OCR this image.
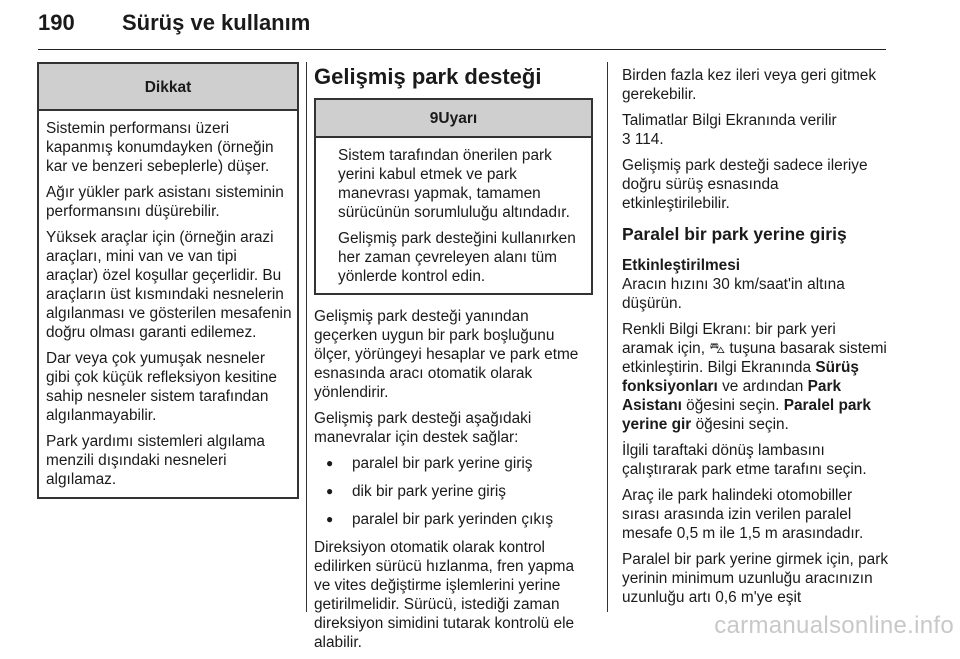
190 Sürüş ve kullanım
Dikkat

Sistemin performansı üzeri kapanmış konumdayken (örneğin kar ve benzeri sebeplerle) düşer.

Ağır yükler park asistanı sisteminin performansını düşürebilir.

Yüksek araçlar için (örneğin arazi araçları, mini van ve van tipi araçlar) özel koşullar geçerlidir. Bu araçların üst kısmındaki nesnelerin algılanması ve gösterilen mesafenin doğru olması garanti edilemez.

Dar veya çok yumuşak nesneler gibi çok küçük refleksiyon kesitine sahip nesneler sistem tarafından algılanmayabilir.

Park yardımı sistemleri algılama menzili dışındaki nesneleri algılamaz.

Gelişmiş park desteği
9Uyarı

Sistem tarafından önerilen park yerini kabul etmek ve park manevrası yapmak, tamamen sürücünün sorumluluğu altındadır.

Gelişmiş park desteğini kullanırken her zaman çevreleyen alanı tüm yönlerde kontrol edin.

Gelişmiş park desteği yanından geçerken uygun bir park boşluğunu ölçer, yörüngeyi hesaplar ve park etme esnasında aracı otomatik olarak yönlendirir.

Gelişmiş park desteği aşağıdaki manevralar için destek sağlar:

● paralel bir park yerine giriş
● dik bir park yerine giriş
● paralel bir park yerinden çıkış

Direksiyon otomatik olarak kontrol edilirken sürücü hızlanma, fren yapma ve vites değiştirme işlemlerini yerine getirilmelidir. Sürücü, istediği zaman direksiyon simidini tutarak kontrolü ele alabilir.

Birden fazla kez ileri veya geri gitmek gerekebilir.

Talimatlar Bilgi Ekranında verilir
3 114.

Gelişmiş park desteği sadece ileriye doğru sürüş esnasında etkinleştirilebilir.

Paralel bir park yerine giriş
Etkinleştirilmesi

Aracın hızını 30 km/saat'in altına düşürün.

Renkli Bilgi Ekranı: bir park yeri aramak için, ⛍ tuşuna basarak sistemi etkinleştirin. Bilgi Ekranında Sürüş fonksiyonları ve ardından Park Asistanı öğesini seçin. Paralel park yerine gir öğesini seçin.

İlgili taraftaki dönüş lambasını çalıştırarak park etme tarafını seçin.

Araç ile park halindeki otomobiller sırası arasında izin verilen paralel mesafe 0,5 m ile 1,5 m arasındadır.

Paralel bir park yerine girmek için, park yerinin minimum uzunluğu aracınızın uzunluğu artı 0,6 m'ye eşit

carmanualsonline.info
